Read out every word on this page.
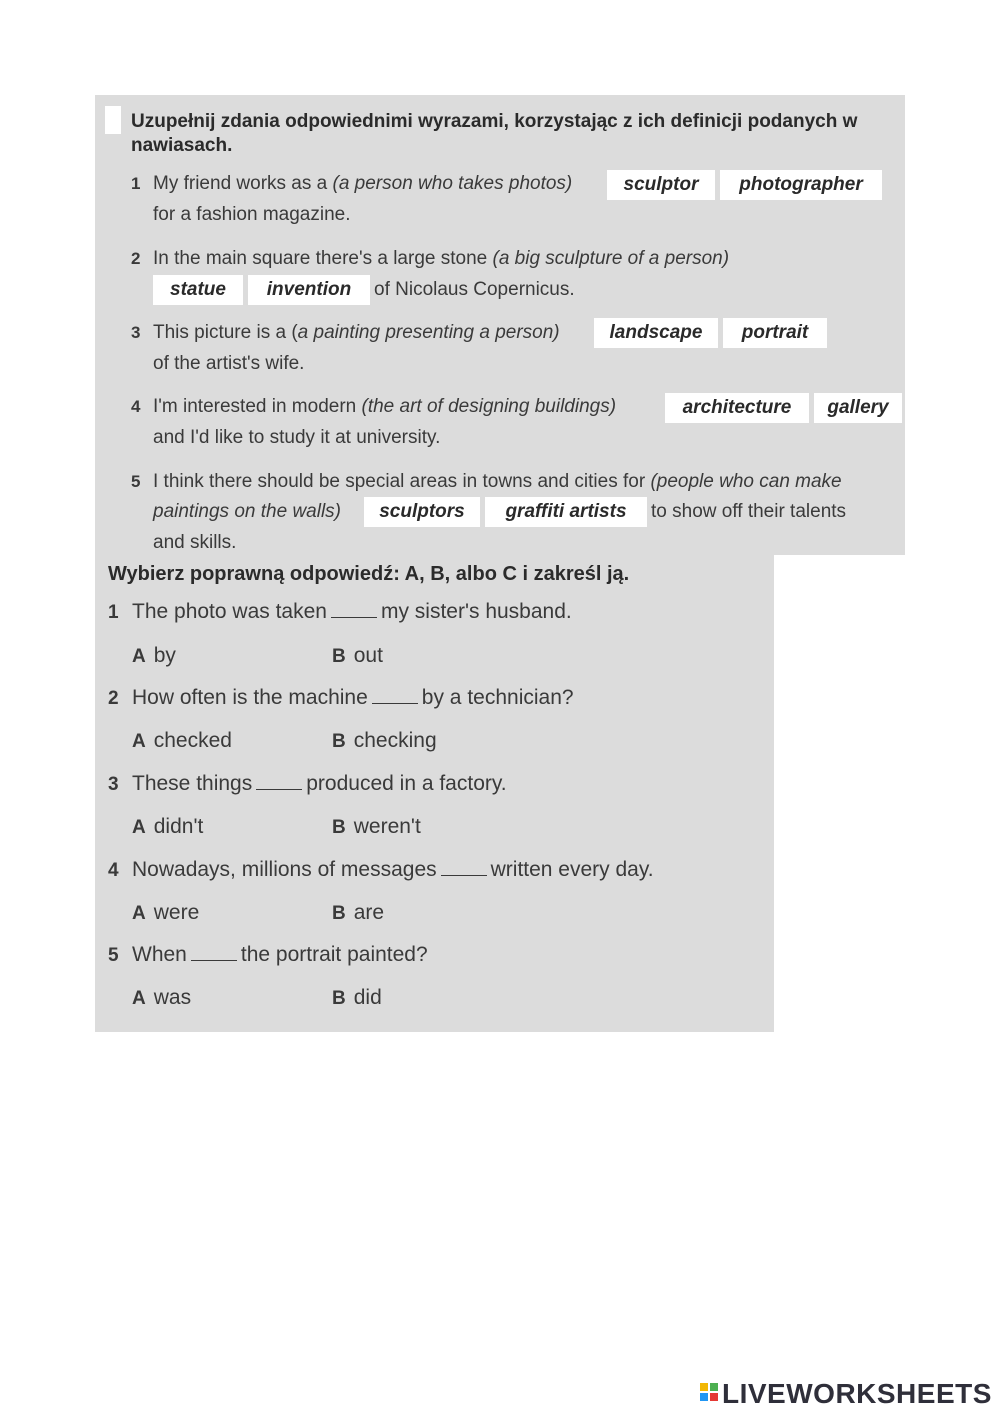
Uzupełnij zdania odpowiednimi wyrazami, korzystając z ich definicji podanych w nawiasach.
1 My friend works as a (a person who takes photos)	sculptor	photographer
for a fashion magazine.
2 In the main square there's a large stone (a big sculpture of a person)
statue	invention	of Nicolaus Copernicus.
3 This picture is a (a painting presenting a person)	landscape	portrait
of the artist's wife.
4 I'm interested in modern (the art of designing buildings)	architecture	gallery
and I'd like to study it at university.
5 I think there should be special areas in towns and cities for (people who can make
paintings on the walls)	sculptors	graffiti artists	to show off their talents
and skills.
Wybierz poprawną odpowiedź: A, B, albo C i zakreśl ją.
1 The photo was taken	my sister's husband.
A by	B out
2 How often is the machine	by a technician?
A checked	B checking
3 These things	produced in a factory.
A didn't	B weren't
4 Nowadays, millions of messages	written every day.
A were	B are
5 When	the portrait painted?
A was	B did
LIVEWORKSHEETS
